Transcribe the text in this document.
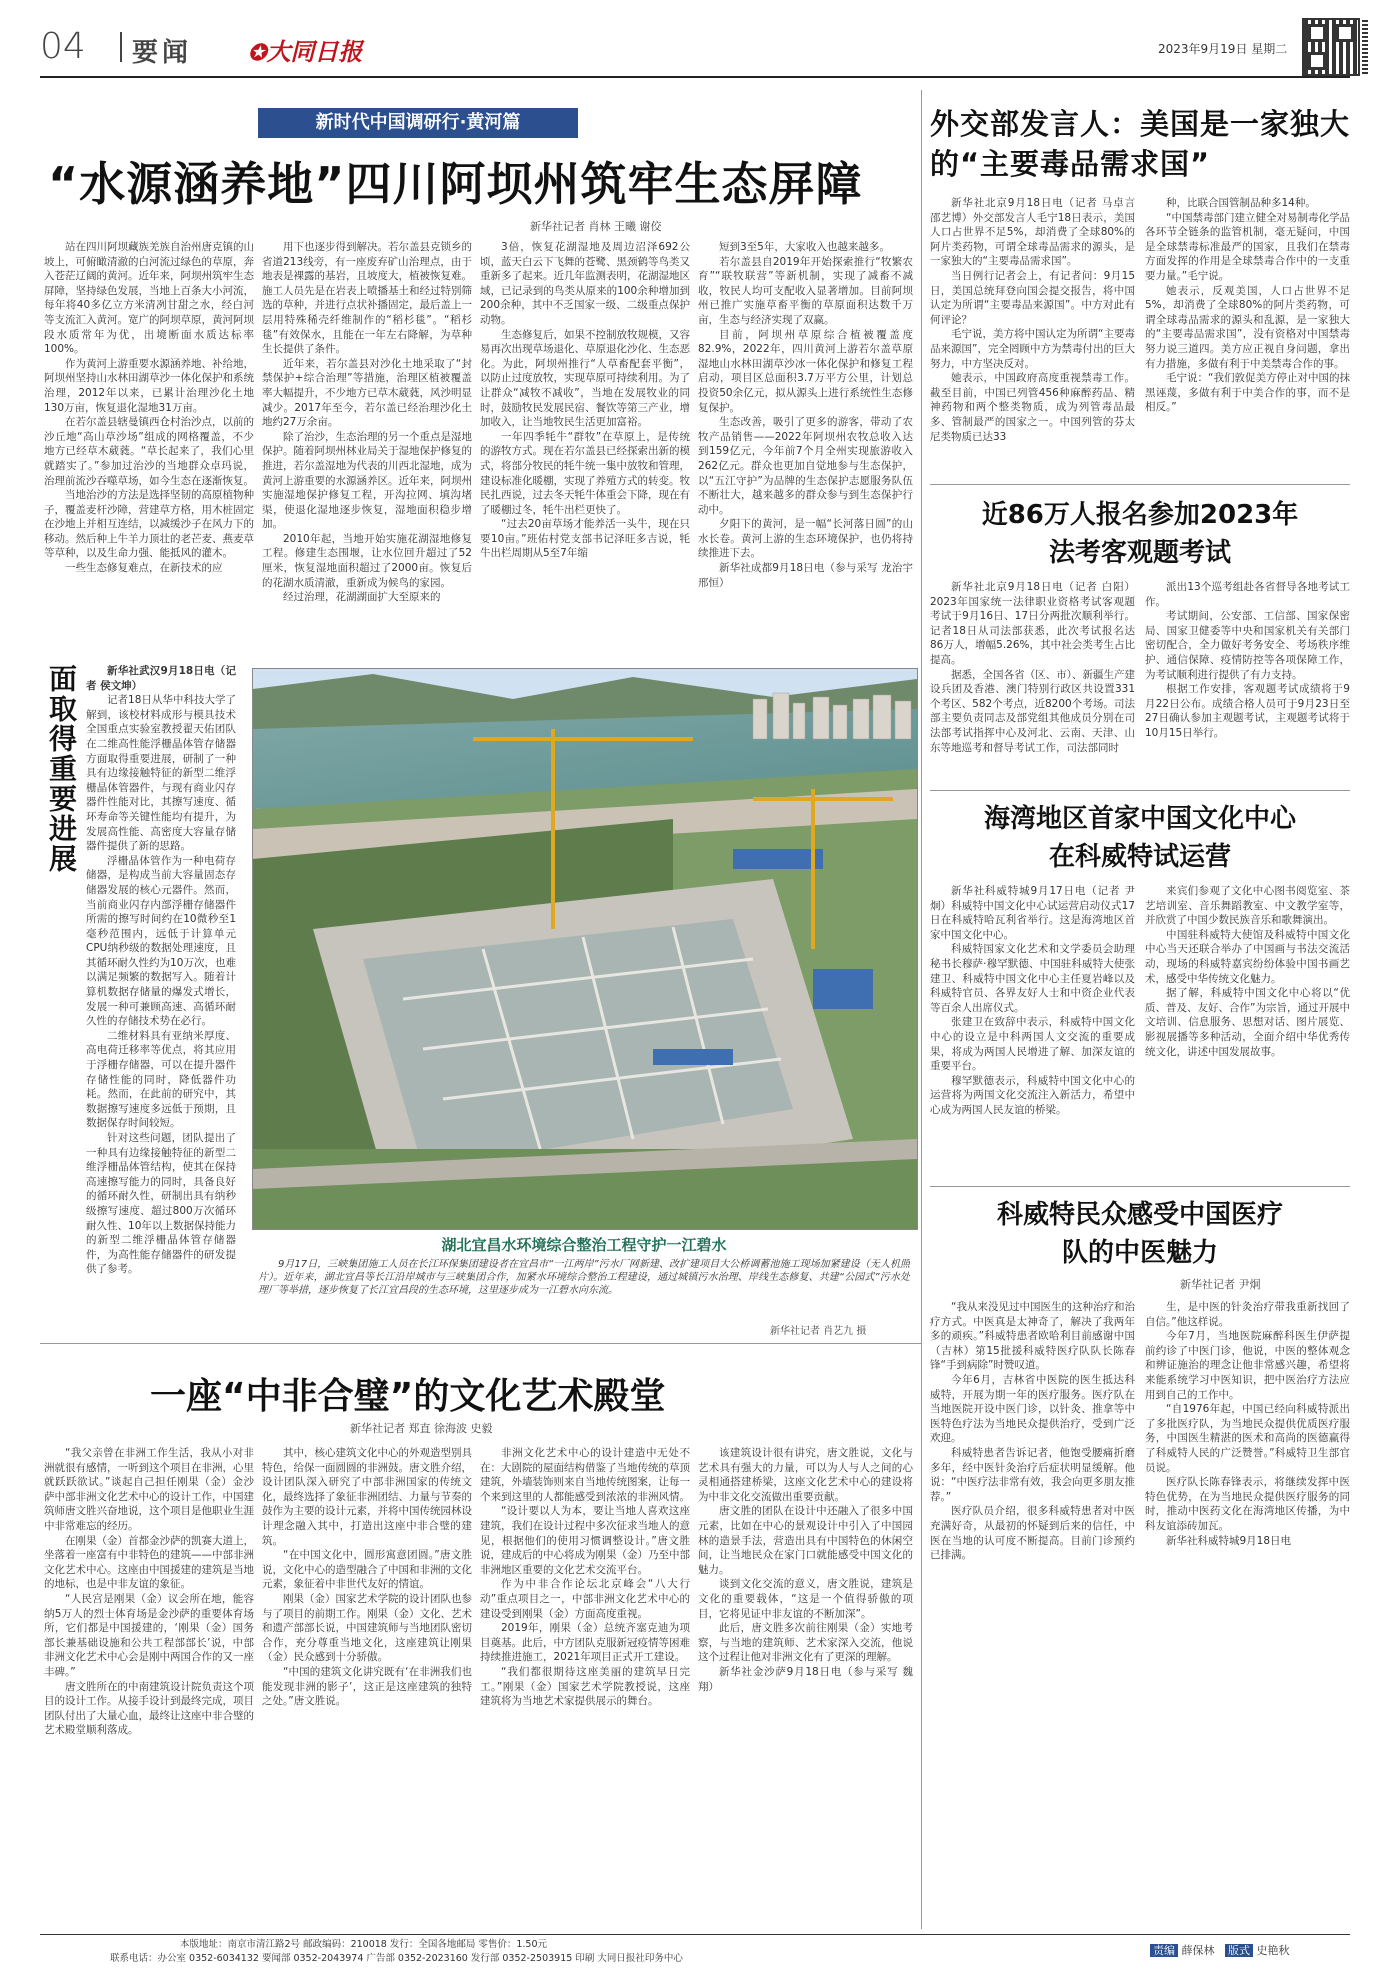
04 要闻	✪大同日报	2023年9月19日 星期二
新时代中国调研行·黄河篇
“水源涵养地”四川阿坝州筑牢生态屏障
新华社记者 肖林 王曦 谢佼

站在四川阿坝藏族羌族自治州唐克镇的山坡上，可俯瞰清澈的白河流过绿色的草原，奔入苍茫辽阔的黄河。近年来，阿坝州筑牢生态屏障，坚持绿色发展，当地上百条大小河流，每年将40多亿立方米清冽甘甜之水，经白河等支流汇入黄河。宽广的阿坝草原，黄河阿坝段水质常年为优，出境断面水质达标率100%。

作为黄河上游重要水源涵养地、补给地，阿坝州坚持山水林田湖草沙一体化保护和系统治理，2012年以来，已累计治理沙化土地130万亩，恢复退化湿地31万亩。

在若尔盖县辖曼镇西仓村治沙点，以前的沙丘地“高山草沙场”组成的网格覆盖，不少地方已经草木葳蕤。“草长起来了，我们心里就踏实了。”参加过治沙的当地群众卓玛说，治理前流沙吞噬草场，如今生态在逐渐恢复。

当地治沙的方法是选择坚韧的高原植物种子，覆盖麦杆沙障，营建草方格，用木桩固定在沙地上并相互连结，以减缓沙子在风力下的移动。然后种上牛羊力顶壮的老芒麦、燕麦草等草种，以及生命力强、能抵风的灌木。

一些生态修复难点，在新技术的应

用下也逐步得到解决。若尔盖县克锁乡的省道213线旁，有一座废弃矿山治理点，由于地表是裸露的基岩，且坡度大，植被恢复难。施工人员先是在岩表上喷播基土和经过特别筛选的草种，并进行点状补播固定，最后盖上一层用特殊稀壳纤维制作的“稻杉毯”。“稻杉毯”有效保水，且能在一年左右降解，为草种生长提供了条件。

近年来，若尔盖县对沙化土地采取了“封禁保护+综合治理”等措施，治理区植被覆盖率大幅提升，不少地方已草木葳蕤，风沙明显减少。2017年至今，若尔盖已经治理沙化土地约27万余亩。

除了治沙，生态治理的另一个重点是湿地保护。随着阿坝州林业局关于湿地保护修复的推进，若尔盖湿地为代表的川西北湿地，成为黄河上游重要的水源涵养区。近年来，阿坝州实施湿地保护修复工程，开沟拉网、填沟堵渠，使退化湿地逐步恢复，湿地面积稳步增加。

2010年起，当地开始实施花湖湿地修复工程。修建生态围堰，让水位回升超过了52厘米，恢复湿地面积超过了2000亩。恢复后的花湖水质清澈，重新成为候鸟的家园。

经过治理，花湖湖面扩大至原来的

3倍，恢复花湖湿地及周边沼泽692公顷，蓝天白云下飞舞的苍鹭、黑颈鹤等鸟类又重新多了起来。近几年监测表明，花湖湿地区域，已记录到的鸟类从原来的100余种增加到200余种，其中不乏国家一级、二级重点保护动物。

生态修复后，如果不控制放牧规模，又容易再次出现草场退化、草原退化沙化、生态恶化。为此，阿坝州推行“人草畜配套平衡”，以防止过度放牧，实现草原可持续利用。为了让群众“减牧不减收”，当地在发展牧业的同时，鼓励牧民发展民宿、餐饮等第三产业，增加收入，让当地牧民生活更加富裕。

一年四季牦牛“群牧”在草原上，是传统的游牧方式。现在若尔盖县已经探索出新的模式，将部分牧民的牦牛统一集中放牧和管理，建设标准化暖棚，实现了养殖方式的转变。牧民扎西说，过去冬天牦牛体重会下降，现在有了暖棚过冬，牦牛出栏更快了。

“过去20亩草场才能养活一头牛，现在只要10亩。”班佑村党支部书记泽旺多吉说，牦牛出栏周期从5至7年缩

短到3至5年，大家收入也越来越多。

若尔盖县自2019年开始探索推行“牧繁农育”“联牧联营”等新机制，实现了减畜不减收，牧民人均可支配收入显著增加。目前阿坝州已推广实施草畜平衡的草原面积达数千万亩，生态与经济实现了双赢。

目前，阿坝州草原综合植被覆盖度82.9%，2022年，四川黄河上游若尔盖草原湿地山水林田湖草沙冰一体化保护和修复工程启动，项目区总面积3.7万平方公里，计划总投资50余亿元，拟从源头上进行系统性生态修复保护。

生态改善，吸引了更多的游客，带动了农牧产品销售——2022年阿坝州农牧总收入达到159亿元，今年前7个月全州实现旅游收入262亿元。群众也更加自觉地参与生态保护，以“五江守护”为品牌的生态保护志愿服务队伍不断壮大，越来越多的群众参与到生态保护行动中。

夕阳下的黄河，是一幅“长河落日圆”的山水长卷。黄河上游的生态环境保护，也仍将持续推进下去。

新华社成都9月18日电（参与采写 龙治宇 邢恒）

面取得重要进展

新华社武汉9月18日电（记者 侯文坤）

记者18日从华中科技大学了解到，该校材料成形与模具技术全国重点实验室教授翟天佑团队在二维高性能浮栅晶体管存储器方面取得重要进展，研制了一种具有边缘接触特征的新型二维浮栅晶体管器件，与现有商业闪存器件性能对比，其擦写速度、循环寿命等关键性能均有提升，为发展高性能、高密度大容量存储器件提供了新的思路。

浮栅晶体管作为一种电荷存储器，是构成当前大容量固态存储器发展的核心元器件。然而，当前商业闪存内部浮栅存储器件所需的擦写时间约在10微秒至1毫秒范围内，远低于计算单元CPU纳秒级的数据处理速度，且其循环耐久性约为10万次，也难以满足频繁的数据写入。随着计算机数据存储量的爆发式增长，发展一种可兼顾高速、高循环耐久性的存储技术势在必行。

二维材料具有亚纳米厚度、高电荷迁移率等优点，将其应用于浮栅存储器，可以在提升器件存储性能的同时，降低器件功耗。然而，在此前的研究中，其数据擦写速度多远低于预期，且数据保存时间较短。

针对这些问题，团队提出了一种具有边缘接触特征的新型二维浮栅晶体管结构，使其在保持高速擦写能力的同时，具备良好的循环耐久性，研制出具有纳秒级擦写速度、超过800万次循环耐久性、10年以上数据保持能力的新型二维浮栅晶体管存储器件，为高性能存储器件的研发提供了参考。

湖北宜昌水环境综合整治工程守护一江碧水

9月17日，三峡集团施工人员在长江环保集团建设者在宜昌市“一江两岸”污水厂网新建、改扩建项目大公桥调蓄池施工现场加紧建设（无人机照片）。近年来，湖北宜昌等长江沿岸城市与三峡集团合作，加紧水环境综合整治工程建设，通过城镇污水治理、岸线生态修复、共建“公园式”污水处理厂等举措，逐步恢复了长江宜昌段的生态环境，这里逐步成为一江碧水向东流。

新华社记者 肖艺九 摄
一座“中非合璧”的文化艺术殿堂
新华社记者 郑直 徐海波 史毅

“我父亲曾在非洲工作生活，我从小对非洲就很有感情，一听到这个项目在非洲，心里就跃跃欲试。”谈起自己担任刚果（金）金沙萨中部非洲文化艺术中心的设计工作，中国建筑师唐文胜兴奋地说，这个项目是他职业生涯中非常难忘的经历。

在刚果（金）首都金沙萨的凯赛大道上，坐落着一座富有中非特色的建筑——中部非洲文化艺术中心。这座由中国援建的建筑是当地的地标，也是中非友谊的象征。

“人民宫是刚果（金）议会所在地，能容纳5万人的烈士体育场是金沙萨的重要体育场所，它们都是中国援建的，‘刚果（金）国务部长兼基础设施和公共工程部部长’说，中部非洲文化艺术中心会是刚中两国合作的又一座丰碑。”

唐文胜所在的中南建筑设计院负责这个项目的设计工作。从接手设计到最终完成，项目团队付出了大量心血，最终让这座中非合璧的艺术殿堂顺利落成。

其中，核心建筑文化中心的外观造型别具特色，给保一面圆圆的非洲鼓。唐文胜介绍，设计团队深入研究了中部非洲国家的传统文化，最终选择了象征非洲团结、力量与节奏的鼓作为主要的设计元素，并将中国传统园林设计理念融入其中，打造出这座中非合璧的建筑。

“在中国文化中，圆形寓意团圆。”唐文胜说，文化中心的造型融合了中国和非洲的文化元素，象征着中非世代友好的情谊。

刚果（金）国家艺术学院的设计团队也参与了项目的前期工作。刚果（金）文化、艺术和遗产部部长说，中国建筑师与当地团队密切合作，充分尊重当地文化，这座建筑让刚果（金）民众感到十分骄傲。

“中国的建筑文化讲究既有‘在非洲我们也能发现非洲的影子’，这正是这座建筑的独特之处。”唐文胜说。

非洲文化艺术中心的设计建造中无处不在：大剧院的屋面结构借鉴了当地传统的草顶建筑，外墙装饰则来自当地传统图案，让每一个来到这里的人都能感受到浓浓的非洲风情。

“设计要以人为本，要让当地人喜欢这座建筑，我们在设计过程中多次征求当地人的意见，根据他们的使用习惯调整设计。”唐文胜说，建成后的中心将成为刚果（金）乃至中部非洲地区重要的文化艺术交流平台。

作为中非合作论坛北京峰会“八大行动”重点项目之一，中部非洲文化艺术中心的建设受到刚果（金）方面高度重视。

2019年，刚果（金）总统齐塞克迪为项目奠基。此后，中方团队克服新冠疫情等困难持续推进施工，2021年项目正式开工建设。

“我们都很期待这座美丽的建筑早日完工。”刚果（金）国家艺术学院教授说，这座建筑将为当地艺术家提供展示的舞台。

该建筑设计很有讲究，唐文胜说，文化与艺术具有强大的力量，可以为人与人之间的心灵相通搭建桥梁，这座文化艺术中心的建设将为中非文化交流做出重要贡献。

唐文胜的团队在设计中还融入了很多中国元素，比如在中心的景观设计中引入了中国园林的造景手法，营造出具有中国特色的休闲空间，让当地民众在家门口就能感受中国文化的魅力。

谈到文化交流的意义，唐文胜说，建筑是文化的重要载体，“这是一个值得骄傲的项目，它将见证中非友谊的不断加深”。

此后，唐文胜多次前往刚果（金）实地考察，与当地的建筑师、艺术家深入交流，他说这个过程让他对非洲文化有了更深的理解。

新华社金沙萨9月18日电（参与采写 魏翔）

外交部发言人：美国是一家独大的“主要毒品需求国”

新华社北京9月18日电（记者 马卓言 邵艺博）外交部发言人毛宁18日表示，美国人口占世界不足5%，却消费了全球80%的阿片类药物，可谓全球毒品需求的源头，是一家独大的“主要毒品需求国”。

当日例行记者会上，有记者问：9月15日，美国总统拜登向国会提交报告，将中国认定为所谓“主要毒品来源国”。中方对此有何评论？

毛宁说，美方将中国认定为所谓“主要毒品来源国”，完全罔顾中方为禁毒付出的巨大努力，中方坚决反对。

她表示，中国政府高度重视禁毒工作。截至目前，中国已列管456种麻醉药品、精神药物和两个整类物质，成为列管毒品最多、管制最严的国家之一。中国列管的芬太尼类物质已达33

种，比联合国管制品种多14种。

“中国禁毒部门建立健全对易制毒化学品各环节全链条的监管机制，毫无疑问，中国是全球禁毒标准最严的国家，且我们在禁毒方面发挥的作用是全球禁毒合作中的一支重要力量。”毛宁说。

她表示，反观美国，人口占世界不足5%，却消费了全球80%的阿片类药物，可谓全球毒品需求的源头和乱源，是一家独大的“主要毒品需求国”，没有资格对中国禁毒努力说三道四。美方应正视自身问题，拿出有力措施，多做有利于中美禁毒合作的事。

毛宁说：“我们敦促美方停止对中国的抹黑诬蔑，多做有利于中美合作的事，而不是相反。”

近86万人报名参加2023年法考客观题考试

新华社北京9月18日电（记者 白阳）2023年国家统一法律职业资格考试客观题考试于9月16日、17日分两批次顺利举行。记者18日从司法部获悉，此次考试报名达86万人，增幅5.26%，其中社会类考生占比提高。

据悉，全国各省（区、市）、新疆生产建设兵团及香港、澳门特别行政区共设置331个考区、582个考点，近8200个考场。司法部主要负责同志及部党组其他成员分别在司法部考试指挥中心及河北、云南、天津、山东等地巡考和督导考试工作，司法部同时

派出13个巡考组赴各省督导各地考试工作。

考试期间，公安部、工信部、国家保密局、国家卫健委等中央和国家机关有关部门密切配合，全力做好考务安全、考场秩序维护、通信保障、疫情防控等各项保障工作，为考试顺利进行提供了有力支持。

根据工作安排，客观题考试成绩将于9月22日公布。成绩合格人员可于9月23日至27日确认参加主观题考试，主观题考试将于10月15日举行。

海湾地区首家中国文化中心在科威特试运营

新华社科威特城9月17日电（记者 尹炯）科威特中国文化中心试运营启动仪式17日在科威特哈瓦利省举行。这是海湾地区首家中国文化中心。

科威特国家文化艺术和文学委员会助理秘书长穆萨·穆罕默德、中国驻科威特大使张建卫、科威特中国文化中心主任夏岩峰以及科威特官员、各界友好人士和中资企业代表等百余人出席仪式。

张建卫在致辞中表示，科威特中国文化中心的设立是中科两国人文交流的重要成果，将成为两国人民增进了解、加深友谊的重要平台。

穆罕默德表示，科威特中国文化中心的运营将为两国文化交流注入新活力，希望中心成为两国人民友谊的桥梁。

来宾们参观了文化中心图书阅览室、茶艺培训室、音乐舞蹈教室、中文教学室等，并欣赏了中国少数民族音乐和歌舞演出。

中国驻科威特大使馆及科威特中国文化中心当天还联合举办了中国画与书法交流活动，现场的科威特嘉宾纷纷体验中国书画艺术，感受中华传统文化魅力。

据了解，科威特中国文化中心将以“优质、普及、友好、合作”为宗旨，通过开展中文培训、信息服务、思想对话、图片展览、影视展播等多种活动，全面介绍中华优秀传统文化，讲述中国发展故事。

科威特民众感受中国医疗队的中医魅力
新华社记者 尹炯

“我从来没见过中国医生的这种治疗和治疗方式。中医真是太神奇了，解决了我两年多的顽疾。”科威特患者欧哈利目前感谢中国（吉林）第15批援科威特医疗队队长陈春锋“手到病除”时赞叹道。

今年6月，吉林省中医院的医生抵达科威特，开展为期一年的医疗服务。医疗队在当地医院开设中医门诊，以针灸、推拿等中医特色疗法为当地民众提供治疗，受到广泛欢迎。

科威特患者告诉记者，他饱受腰痛折磨多年，经中医针灸治疗后症状明显缓解。他说：“中医疗法非常有效，我会向更多朋友推荐。”

医疗队员介绍，很多科威特患者对中医充满好奇，从最初的怀疑到后来的信任，中医在当地的认可度不断提高。目前门诊预约已排满。

生，是中医的针灸治疗带我重新找回了自信。”他这样说。

今年7月，当地医院麻醉科医生伊萨提前约诊了中医门诊，他说，中医的整体观念和辨证施治的理念让他非常感兴趣，希望将来能系统学习中医知识，把中医治疗方法应用到自己的工作中。

“自1976年起，中国已经向科威特派出了多批医疗队，为当地民众提供优质医疗服务，中国医生精湛的医术和高尚的医德赢得了科威特人民的广泛赞誉。”科威特卫生部官员说。

医疗队长陈春锋表示，将继续发挥中医特色优势，在为当地民众提供医疗服务的同时，推动中医药文化在海湾地区传播，为中科友谊添砖加瓦。

新华社科威特城9月18日电

本版地址：南京市清江路2号 邮政编码：210018 发行：全国各地邮局 零售价：1.50元
联系电话：办公室 0352-6034132 要闻部 0352-2043974 广告部 0352-2023160 发行部 0352-2503915 印刷 大同日报社印务中心
责编 薛保林 版式 史艳秋
